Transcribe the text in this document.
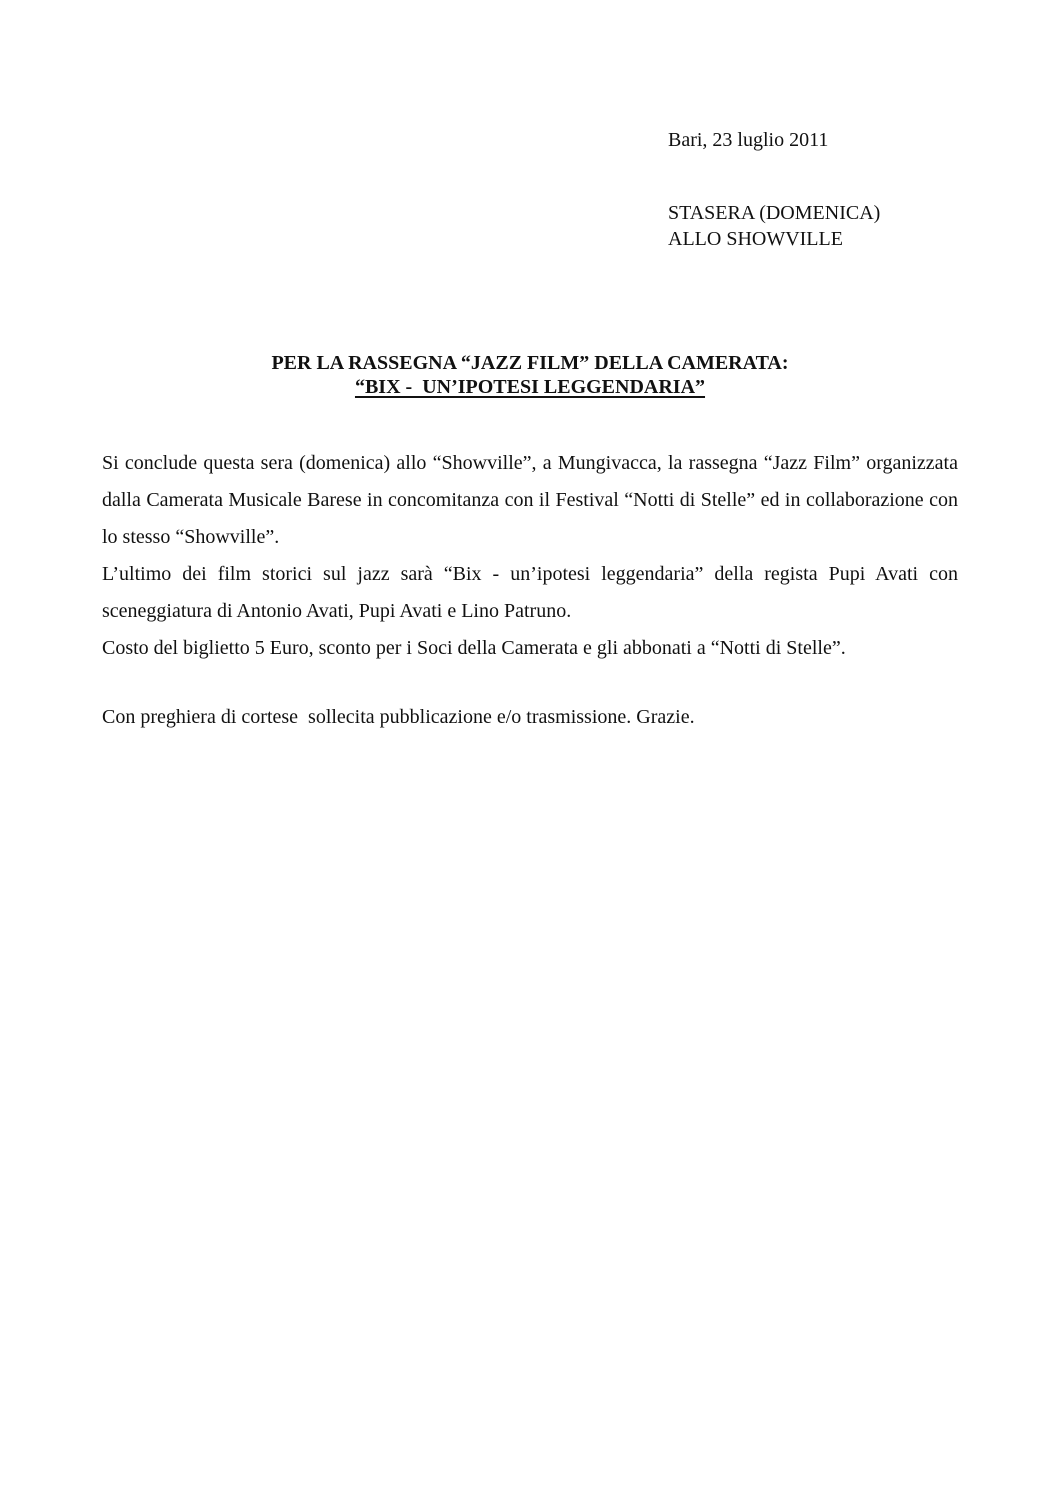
Bari, 23 luglio 2011
STASERA (DOMENICA)
ALLO SHOWVILLE
PER LA RASSEGNA “JAZZ FILM” DELLA CAMERATA:
“BIX -  UN’IPOTESI LEGGENDARIA”

Si conclude questa sera (domenica) allo “Showville”, a Mungivacca, la rassegna “Jazz Film” organizzata dalla Camerata Musicale Barese in concomitanza con il Festival “Notti di Stelle” ed in collaborazione con lo stesso “Showville”.

L’ultimo dei film storici sul jazz sarà “Bix - un’ipotesi leggendaria” della regista Pupi Avati con sceneggiatura di Antonio Avati, Pupi Avati e Lino Patruno.

Costo del biglietto 5 Euro, sconto per i Soci della Camerata e gli abbonati a “Notti di Stelle”.

Con preghiera di cortese  sollecita pubblicazione e/o trasmissione. Grazie.
